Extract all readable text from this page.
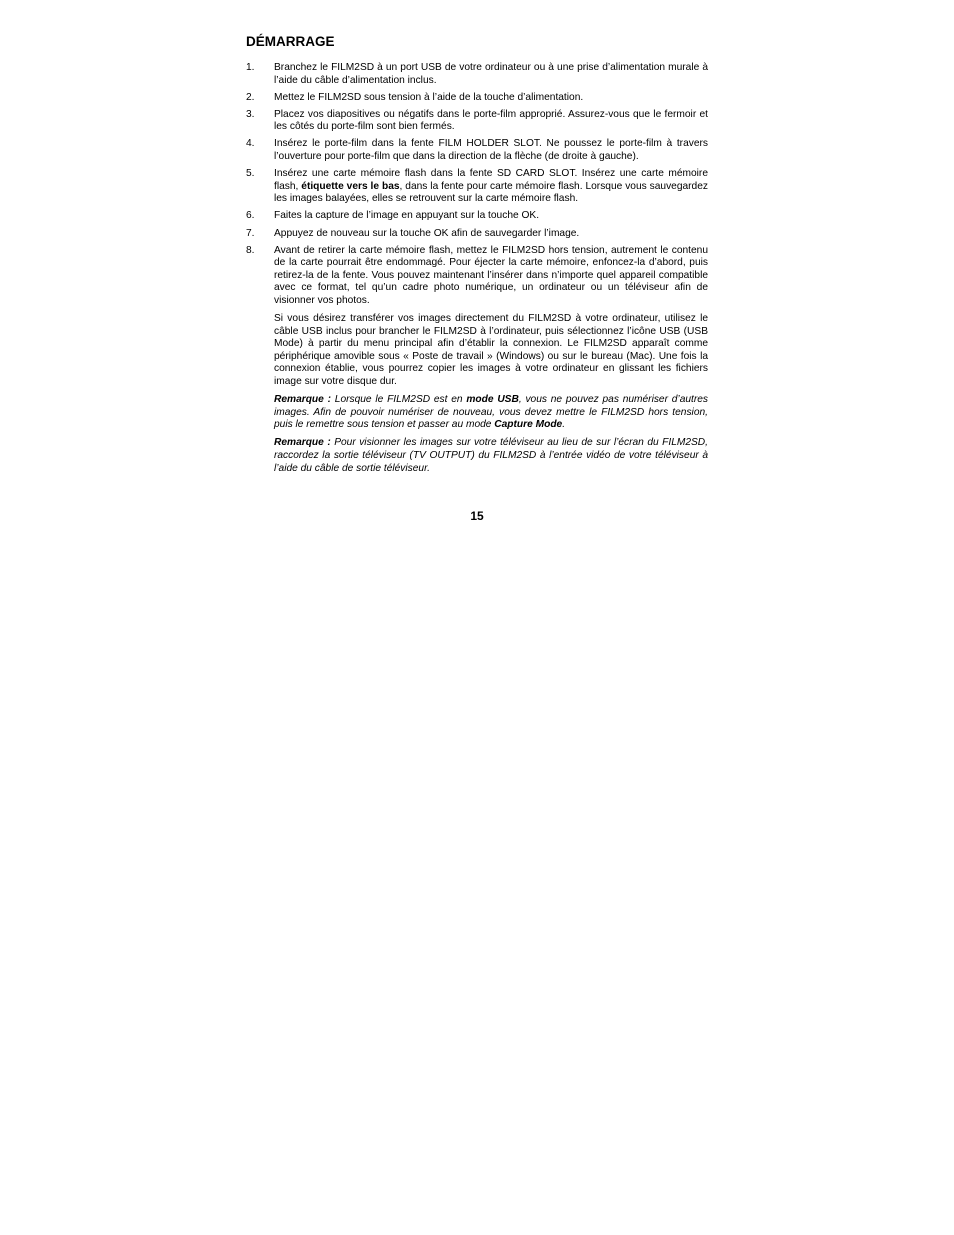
DÉMARRAGE
1. Branchez le FILM2SD à un port USB de votre ordinateur ou à une prise d’alimentation murale à l’aide du câble d’alimentation inclus.

2. Mettez le FILM2SD sous tension à l’aide de la touche d’alimentation.

3. Placez vos diapositives ou négatifs dans le porte-film approprié. Assurez-vous que le fermoir et les côtés du porte-film sont bien fermés.

4. Insérez le porte-film dans la fente FILM HOLDER SLOT. Ne poussez le porte-film à travers l’ouverture pour porte-film que dans la direction de la flèche (de droite à gauche).

5. Insérez une carte mémoire flash dans la fente SD CARD SLOT. Insérez une carte mémoire flash, étiquette vers le bas, dans la fente pour carte mémoire flash. Lorsque vous sauvegardez les images balayées, elles se retrouvent sur la carte mémoire flash.

6. Faites la capture de l’image en appuyant sur la touche OK.

7. Appuyez de nouveau sur la touche OK afin de sauvegarder l’image.

8. Avant de retirer la carte mémoire flash, mettez le FILM2SD hors tension, autrement le contenu de la carte pourrait être endommagé. Pour éjecter la carte mémoire, enfoncez-la d’abord, puis retirez-la de la fente. Vous pouvez maintenant l’insérer dans n’importe quel appareil compatible avec ce format, tel qu’un cadre photo numérique, un ordinateur ou un téléviseur afin de visionner vos photos.

Si vous désirez transférer vos images directement du FILM2SD à votre ordinateur, utilisez le câble USB inclus pour brancher le FILM2SD à l’ordinateur, puis sélectionnez l’icône USB (USB Mode) à partir du menu principal afin d’établir la connexion. Le FILM2SD apparaît comme périphérique amovible sous « Poste de travail » (Windows) ou sur le bureau (Mac). Une fois la connexion établie, vous pourrez copier les images à votre ordinateur en glissant les fichiers image sur votre disque dur.

Remarque : Lorsque le FILM2SD est en mode USB, vous ne pouvez pas numériser d’autres images. Afin de pouvoir numériser de nouveau, vous devez mettre le FILM2SD hors tension, puis le remettre sous tension et passer au mode Capture Mode.

Remarque : Pour visionner les images sur votre téléviseur au lieu de sur l’écran du FILM2SD, raccordez la sortie téléviseur (TV OUTPUT) du FILM2SD à l’entrée vidéo de votre téléviseur à l’aide du câble de sortie téléviseur.

15
